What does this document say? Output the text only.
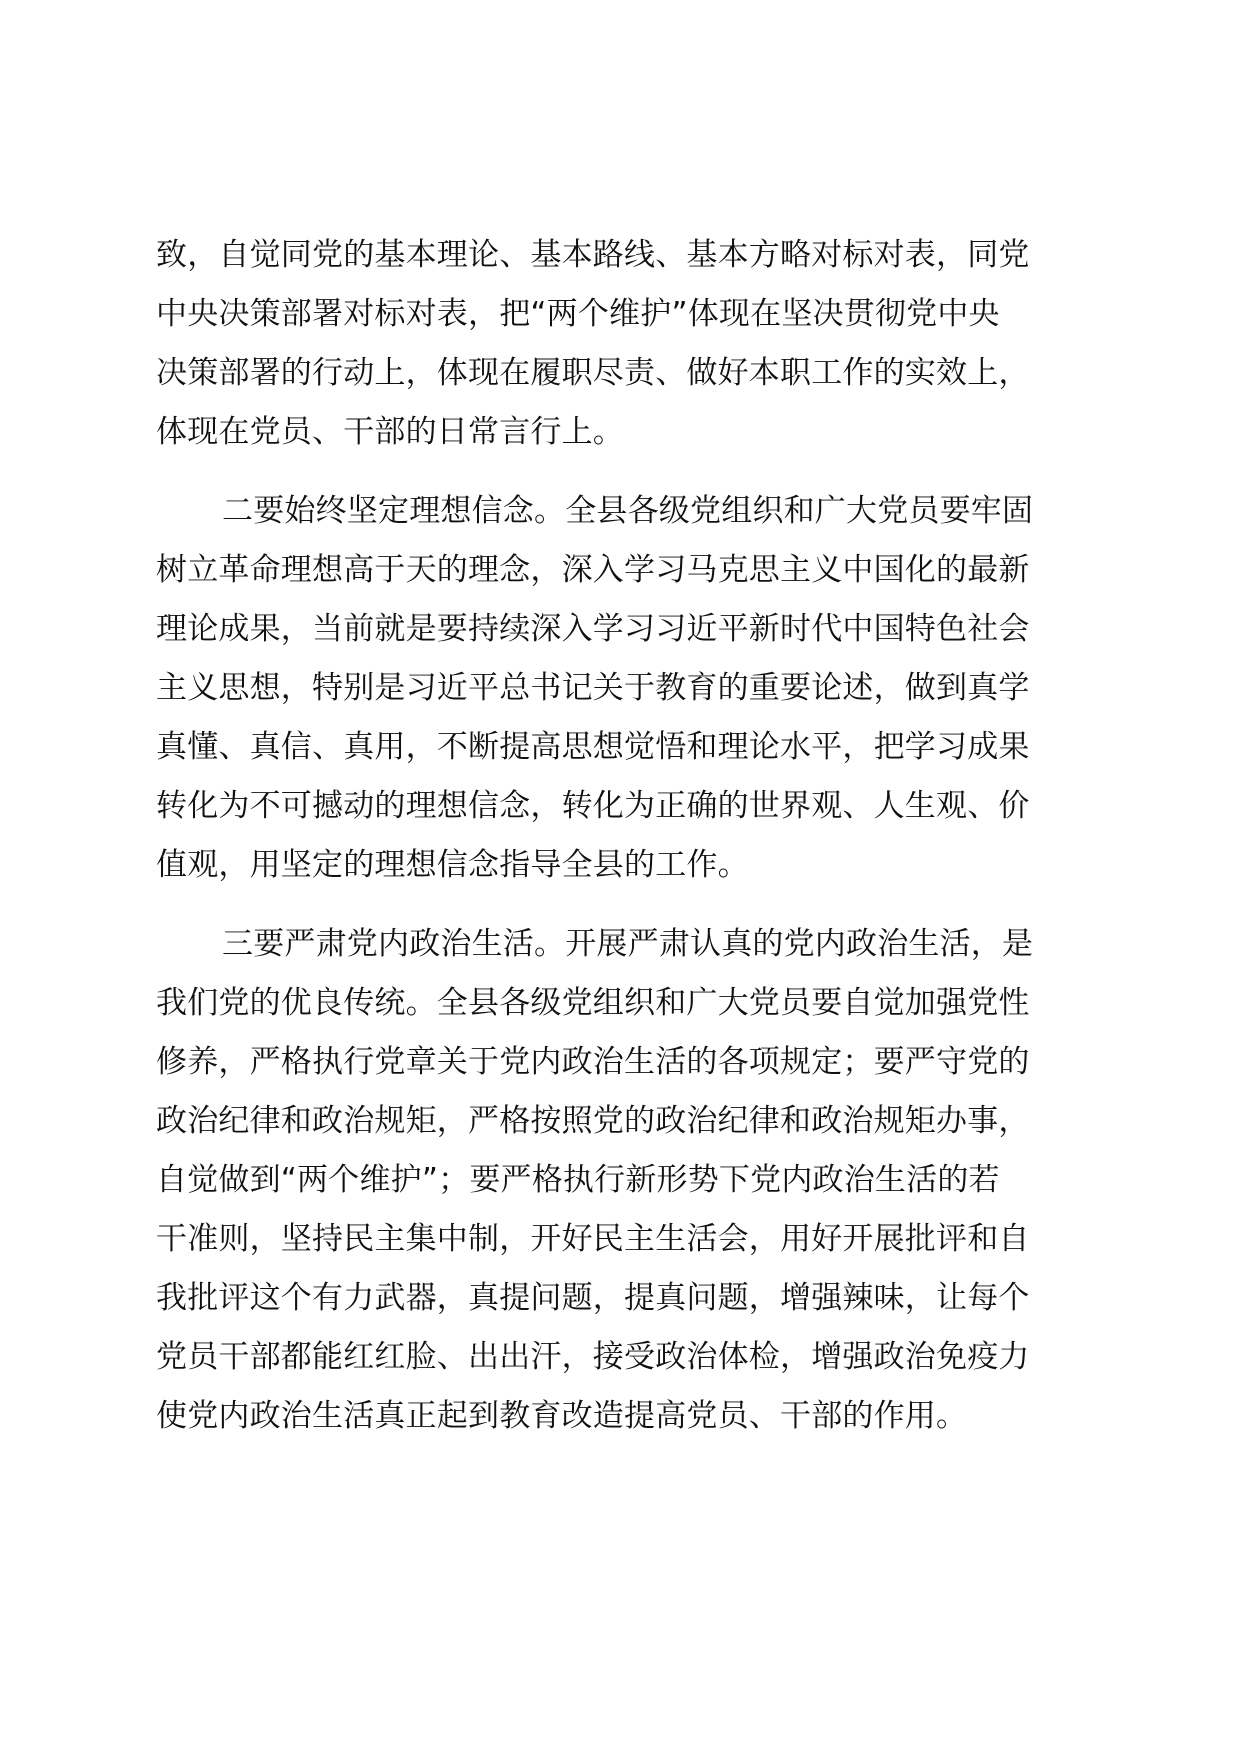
致，自觉同党的基本理论、基本路线、基本方略对标对表，同党
中央决策部署对标对表，把“两个维护”体现在坚决贯彻党中央
决策部署的行动上，体现在履职尽责、做好本职工作的实效上，
体现在党员、干部的日常言行上。
二要始终坚定理想信念。全县各级党组织和广大党员要牢固
树立革命理想高于天的理念，深入学习马克思主义中国化的最新
理论成果，当前就是要持续深入学习习近平新时代中国特色社会
主义思想，特别是习近平总书记关于教育的重要论述，做到真学
真懂、真信、真用，不断提高思想觉悟和理论水平，把学习成果
转化为不可撼动的理想信念，转化为正确的世界观、人生观、价
值观，用坚定的理想信念指导全县的工作。
三要严肃党内政治生活。开展严肃认真的党内政治生活，是
我们党的优良传统。全县各级党组织和广大党员要自觉加强党性
修养，严格执行党章关于党内政治生活的各项规定；要严守党的
政治纪律和政治规矩，严格按照党的政治纪律和政治规矩办事，
自觉做到“两个维护”；要严格执行新形势下党内政治生活的若
干准则，坚持民主集中制，开好民主生活会，用好开展批评和自
我批评这个有力武器，真提问题，提真问题，增强辣味，让每个
党员干部都能红红脸、出出汗，接受政治体检，增强政治免疫力
使党内政治生活真正起到教育改造提高党员、干部的作用。
